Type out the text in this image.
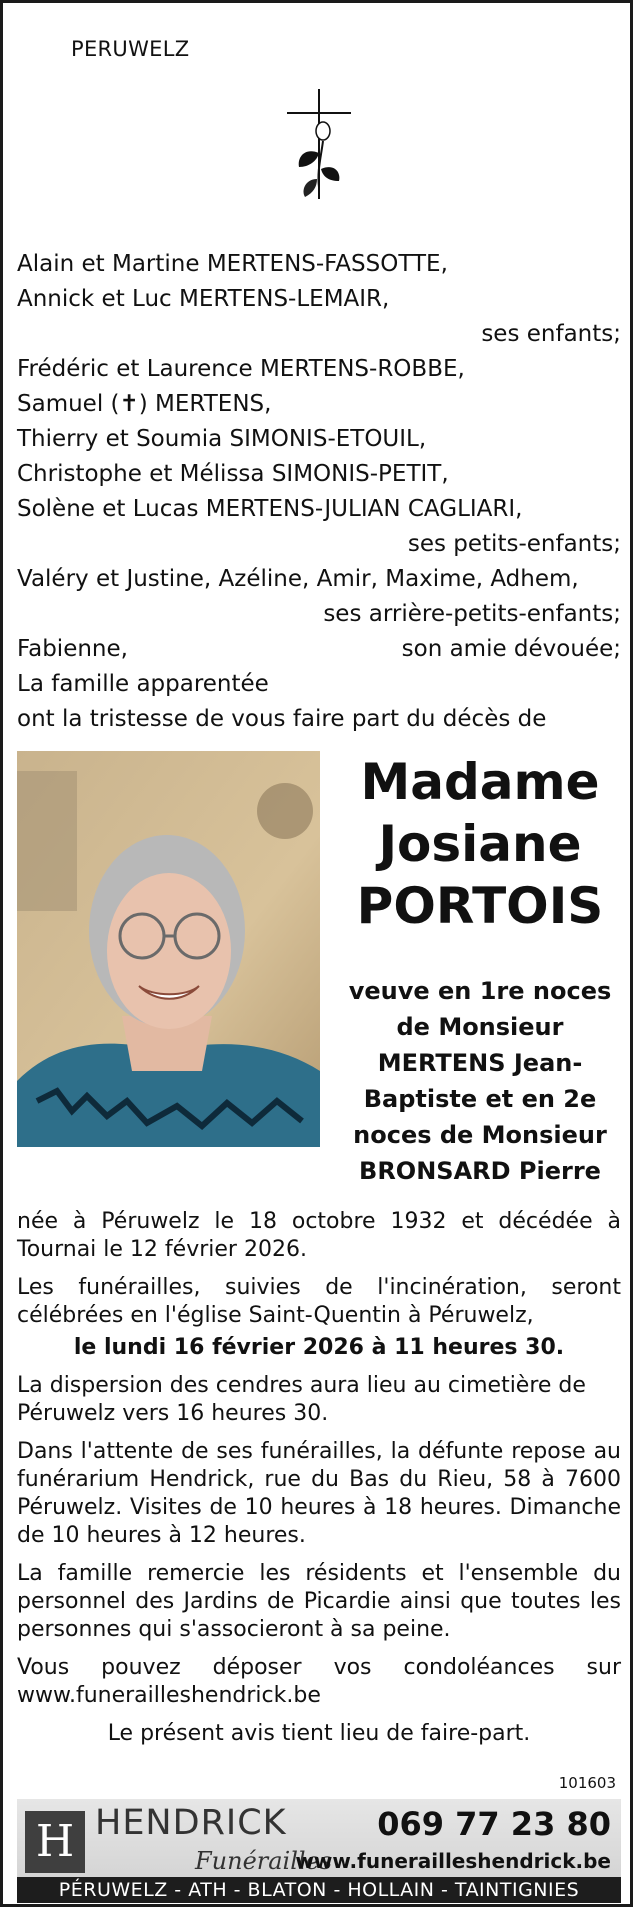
PERUWELZ
Alain et Martine MERTENS-FASSOTTE,
Annick et Luc MERTENS-LEMAIR,
ses enfants;
Frédéric et Laurence MERTENS-ROBBE,
Samuel (✝) MERTENS,
Thierry et Soumia SIMONIS-ETOUIL,
Christophe et Mélissa SIMONIS-PETIT,
Solène et Lucas MERTENS-JULIAN CAGLIARI,
ses petits-enfants;
Valéry et Justine, Azéline, Amir, Maxime, Adhem,
ses arrière-petits-enfants;
Fabienne,	son amie dévouée;
La famille apparentée
ont la tristesse de vous faire part du décès de
Madame
Josiane
PORTOIS
veuve en 1re noces
de Monsieur
MERTENS Jean-
Baptiste et en 2e
noces de Monsieur
BRONSARD Pierre

née à Péruwelz le 18 octobre 1932 et décédée à Tournai le 12 février 2026.

Les funérailles, suivies de l'incinération, seront célébrées en l'église Saint-Quentin à Péruwelz,

le lundi 16 février 2026 à 11 heures 30.

La dispersion des cendres aura lieu au cimetière de Péruwelz vers 16 heures 30.

Dans l'attente de ses funérailles, la défunte repose au funérarium Hendrick, rue du Bas du Rieu, 58 à 7600 Péruwelz. Visites de 10 heures à 18 heures. Dimanche de 10 heures à 12 heures.

La famille remercie les résidents et l'ensemble du personnel des Jardins de Picardie ainsi que toutes les personnes qui s'associeront à sa peine.

Vous pouvez déposer vos condoléances sur www.funerailleshendrick.be

Le présent avis tient lieu de faire-part.

101603
H HENDRICK
Funérailles
069 77 23 80
www.funerailleshendrick.be
PÉRUWELZ - ATH - BLATON - HOLLAIN - TAINTIGNIES
